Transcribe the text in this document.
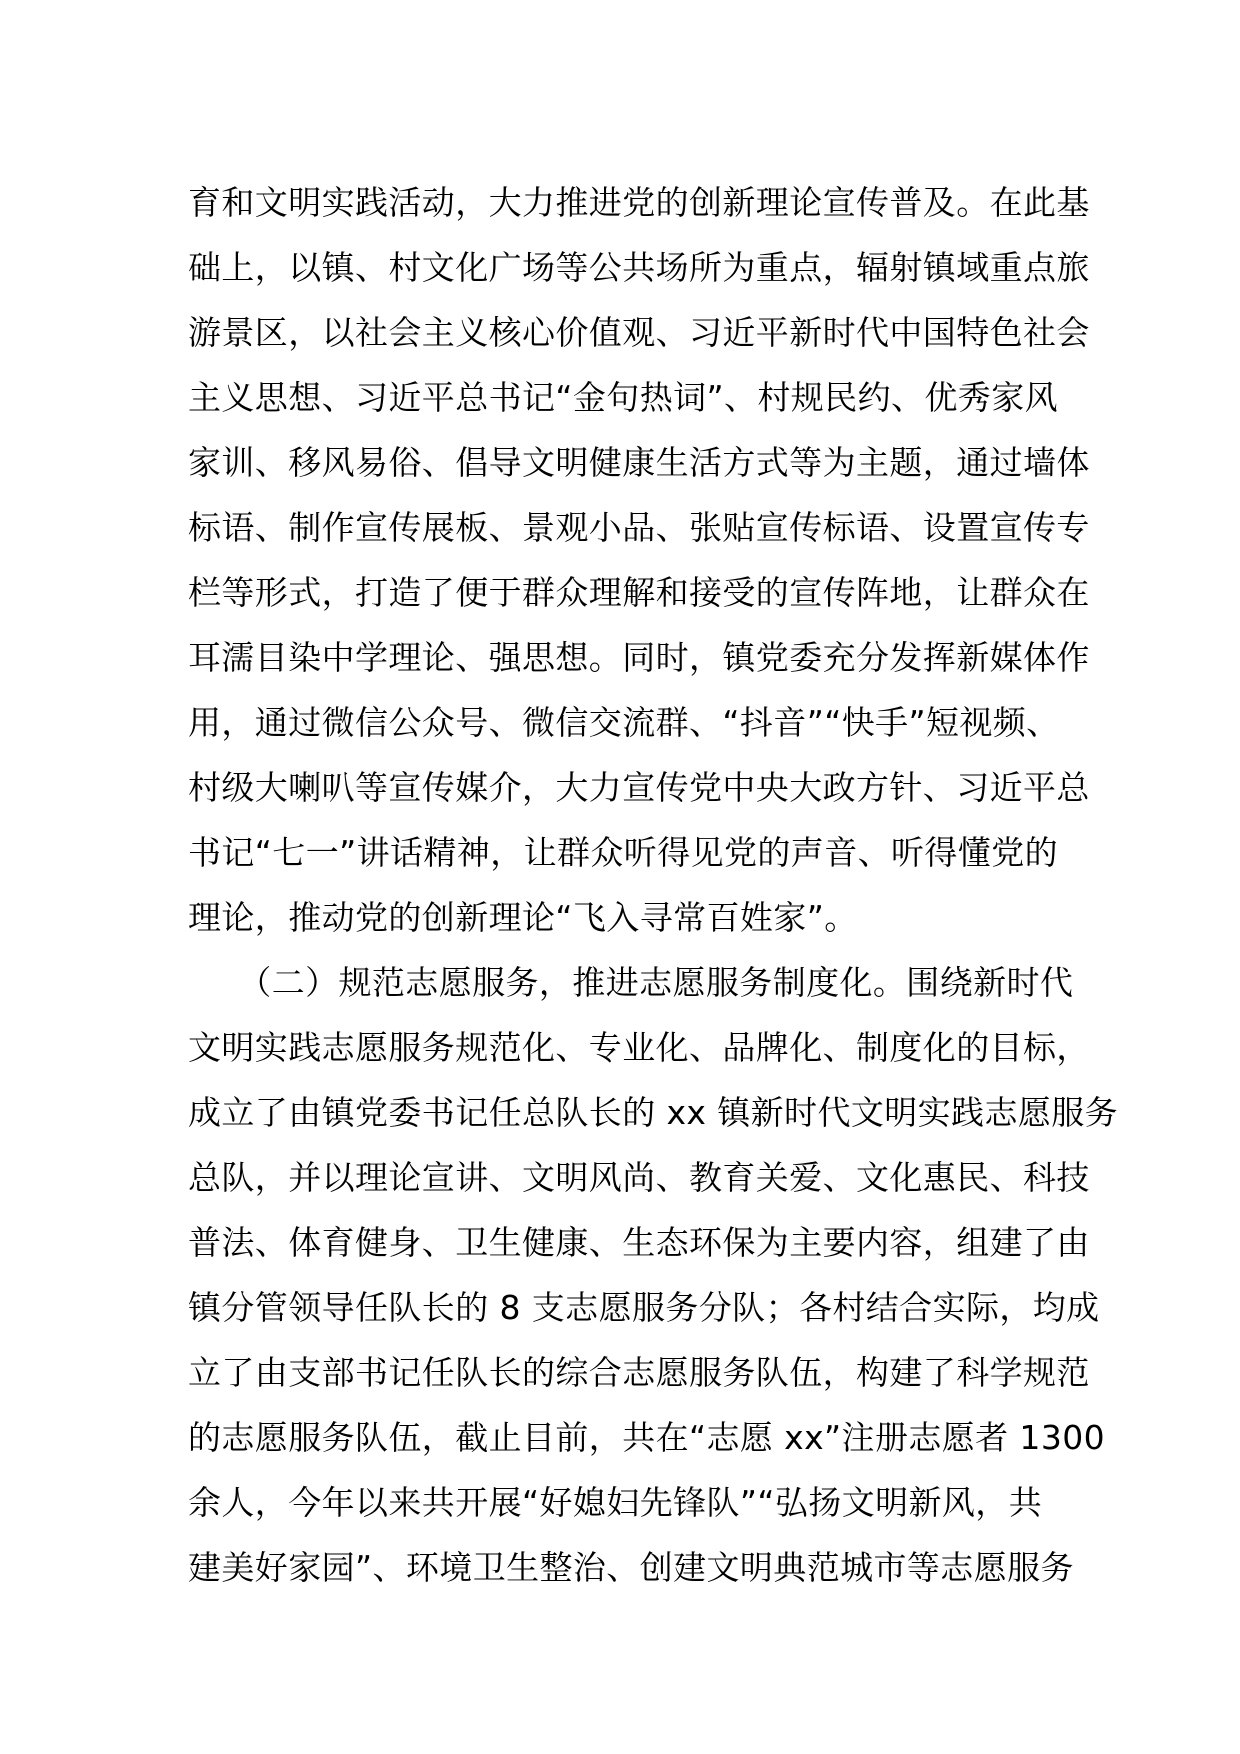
育和文明实践活动，大力推进党的创新理论宣传普及。在此基
础上，以镇、村文化广场等公共场所为重点，辐射镇域重点旅
游景区，以社会主义核心价值观、习近平新时代中国特色社会
主义思想、习近平总书记“金句热词”、村规民约、优秀家风
家训、移风易俗、倡导文明健康生活方式等为主题，通过墙体
标语、制作宣传展板、景观小品、张贴宣传标语、设置宣传专
栏等形式，打造了便于群众理解和接受的宣传阵地，让群众在
耳濡目染中学理论、强思想。同时，镇党委充分发挥新媒体作
用，通过微信公众号、微信交流群、“抖音”“快手”短视频、
村级大喇叭等宣传媒介，大力宣传党中央大政方针、习近平总
书记“七一”讲话精神，让群众听得见党的声音、听得懂党的
理论，推动党的创新理论“飞入寻常百姓家”。
　　（二）规范志愿服务，推进志愿服务制度化。围绕新时代
文明实践志愿服务规范化、专业化、品牌化、制度化的目标，
成立了由镇党委书记任总队长的 xx 镇新时代文明实践志愿服务
总队，并以理论宣讲、文明风尚、教育关爱、文化惠民、科技
普法、体育健身、卫生健康、生态环保为主要内容，组建了由
镇分管领导任队长的 8 支志愿服务分队；各村结合实际，均成
立了由支部书记任队长的综合志愿服务队伍，构建了科学规范
的志愿服务队伍，截止目前，共在“志愿 xx”注册志愿者 1300
余人，今年以来共开展“好媳妇先锋队”“弘扬文明新风，共
建美好家园”、环境卫生整治、创建文明典范城市等志愿服务
